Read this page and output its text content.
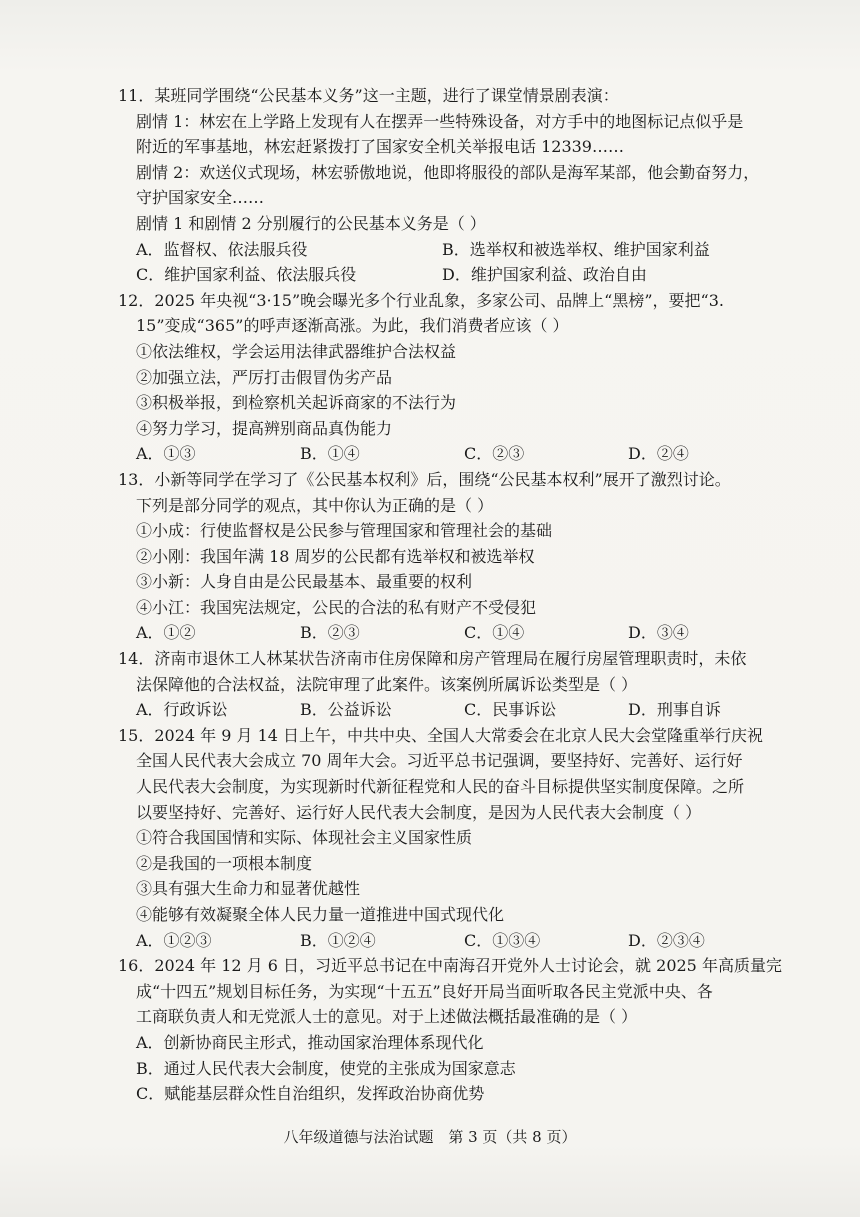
11．某班同学围绕“公民基本义务”这一主题，进行了课堂情景剧表演：
剧情 1：林宏在上学路上发现有人在摆弄一些特殊设备，对方手中的地图标记点似乎是
附近的军事基地，林宏赶紧拨打了国家安全机关举报电话 12339……
剧情 2：欢送仪式现场，林宏骄傲地说，他即将服役的部队是海军某部，他会勤奋努力，
守护国家安全……
剧情 1 和剧情 2 分别履行的公民基本义务是（ ）
A．监督权、依法服兵役	B．选举权和被选举权、维护国家利益
C．维护国家利益、依法服兵役	D．维护国家利益、政治自由
12．2025 年央视“3·15”晚会曝光多个行业乱象，多家公司、品牌上“黑榜”，要把“3.
15”变成“365”的呼声逐渐高涨。为此，我们消费者应该（ ）
①依法维权，学会运用法律武器维护合法权益
②加强立法，严厉打击假冒伪劣产品
③积极举报，到检察机关起诉商家的不法行为
④努力学习，提高辨别商品真伪能力
A．①③	B．①④	C．②③	D．②④
13．小新等同学在学习了《公民基本权利》后，围绕“公民基本权利”展开了激烈讨论。
下列是部分同学的观点，其中你认为正确的是（ ）
①小成：行使监督权是公民参与管理国家和管理社会的基础
②小刚：我国年满 18 周岁的公民都有选举权和被选举权
③小新：人身自由是公民最基本、最重要的权利
④小江：我国宪法规定，公民的合法的私有财产不受侵犯
A．①②	B．②③	C．①④	D．③④
14．济南市退休工人林某状告济南市住房保障和房产管理局在履行房屋管理职责时，未依
法保障他的合法权益，法院审理了此案件。该案例所属诉讼类型是（ ）
A．行政诉讼	B．公益诉讼	C．民事诉讼	D．刑事自诉
15．2024 年 9 月 14 日上午，中共中央、全国人大常委会在北京人民大会堂隆重举行庆祝
全国人民代表大会成立 70 周年大会。习近平总书记强调，要坚持好、完善好、运行好
人民代表大会制度，为实现新时代新征程党和人民的奋斗目标提供坚实制度保障。之所
以要坚持好、完善好、运行好人民代表大会制度，是因为人民代表大会制度（ ）
①符合我国国情和实际、体现社会主义国家性质
②是我国的一项根本制度
③具有强大生命力和显著优越性
④能够有效凝聚全体人民力量一道推进中国式现代化
A．①②③	B．①②④	C．①③④	D．②③④
16．2024 年 12 月 6 日，习近平总书记在中南海召开党外人士讨论会，就 2025 年高质量完
成“十四五”规划目标任务，为实现“十五五”良好开局当面听取各民主党派中央、各
工商联负责人和无党派人士的意见。对于上述做法概括最准确的是（ ）
A．创新协商民主形式，推动国家治理体系现代化
B．通过人民代表大会制度，使党的主张成为国家意志
C．赋能基层群众性自治组织，发挥政治协商优势
八年级道德与法治试题 第 3 页（共 8 页）
